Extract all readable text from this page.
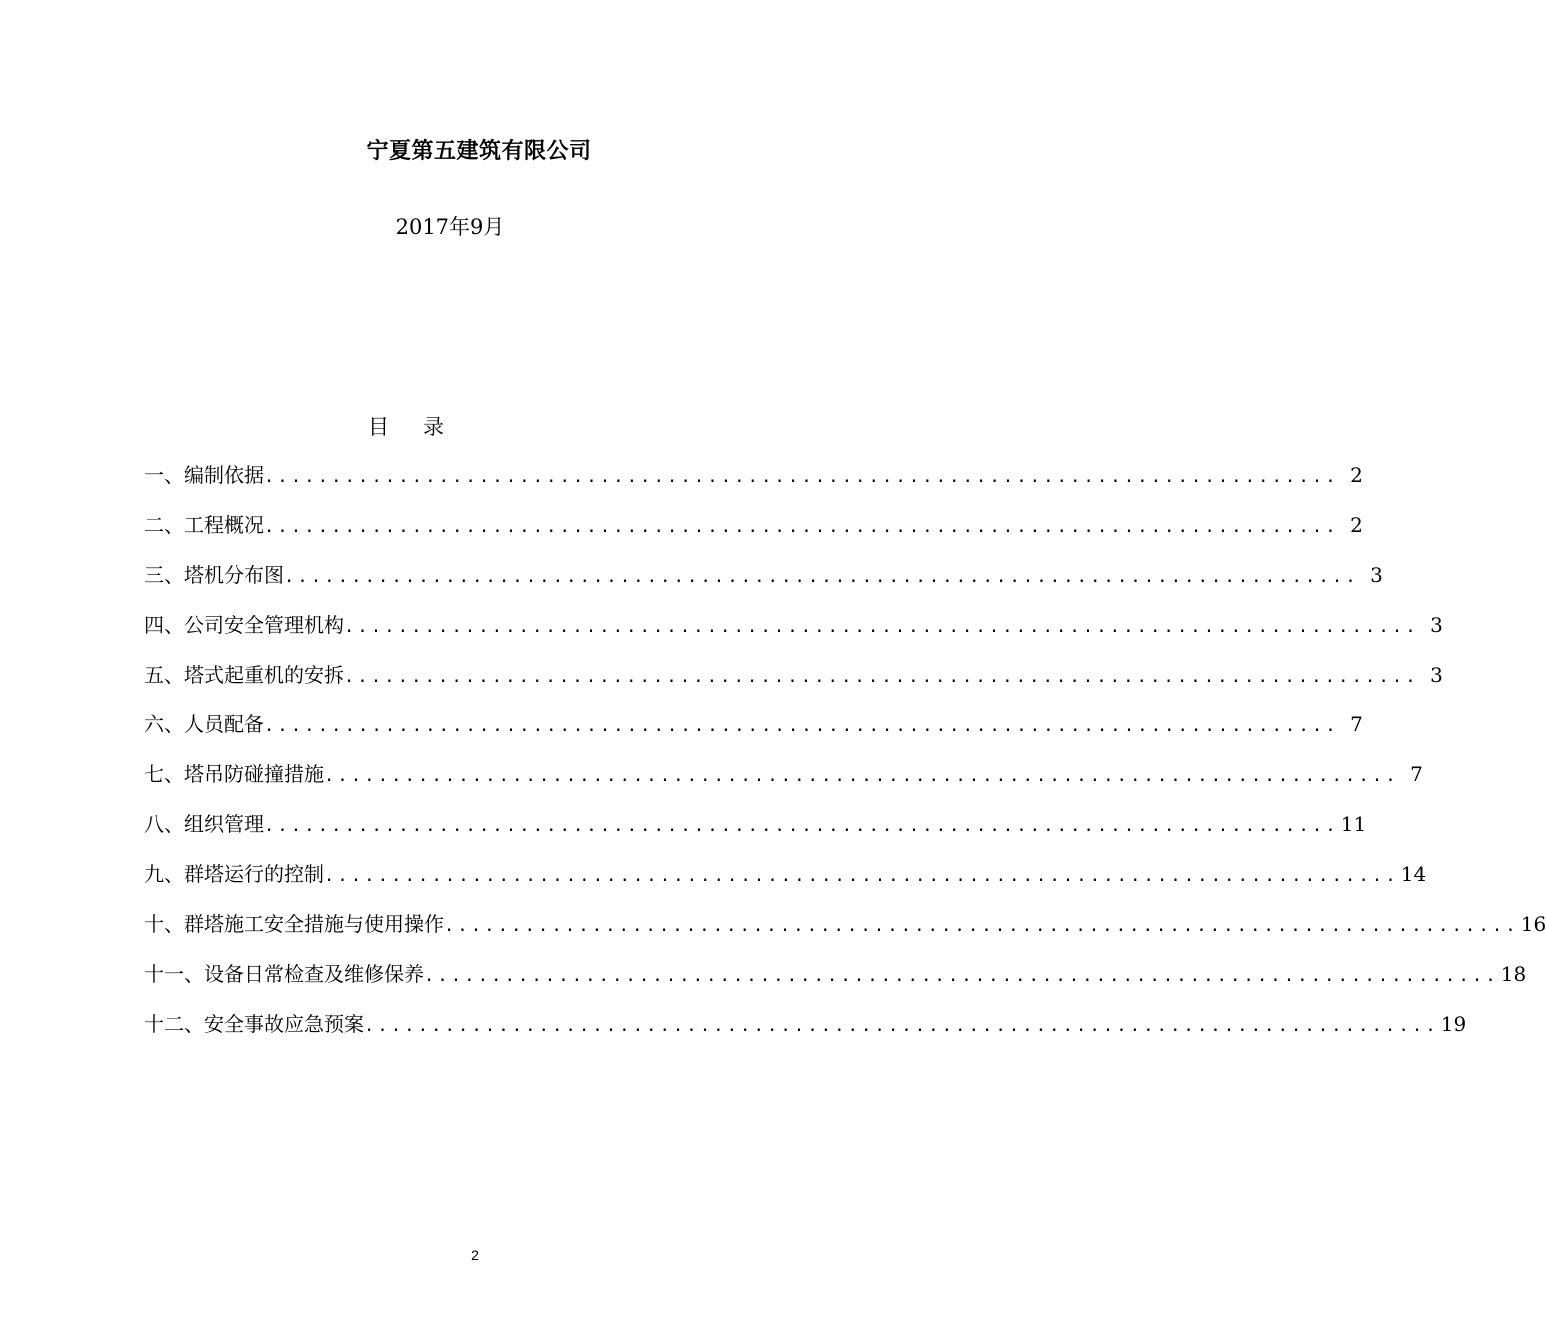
宁夏第五建筑有限公司
2017年9月
目录
一、编制依据 ................................................................................ 2
二、工程概况 ................................................................................ 2
三、塔机分布图 ................................................................................ 3
四、公司安全管理机构 ................................................................................ 3
五、塔式起重机的安拆 ................................................................................ 3
六、人员配备 ................................................................................ 7
七、塔吊防碰撞措施 ................................................................................ 7
八、组织管理 ................................................................................ 11
九、群塔运行的控制 ................................................................................ 14
十、群塔施工安全措施与使用操作 ................................................................................ 16
十一、设备日常检查及维修保养 ................................................................................ 18
十二、安全事故应急预案 ................................................................................ 19
2
